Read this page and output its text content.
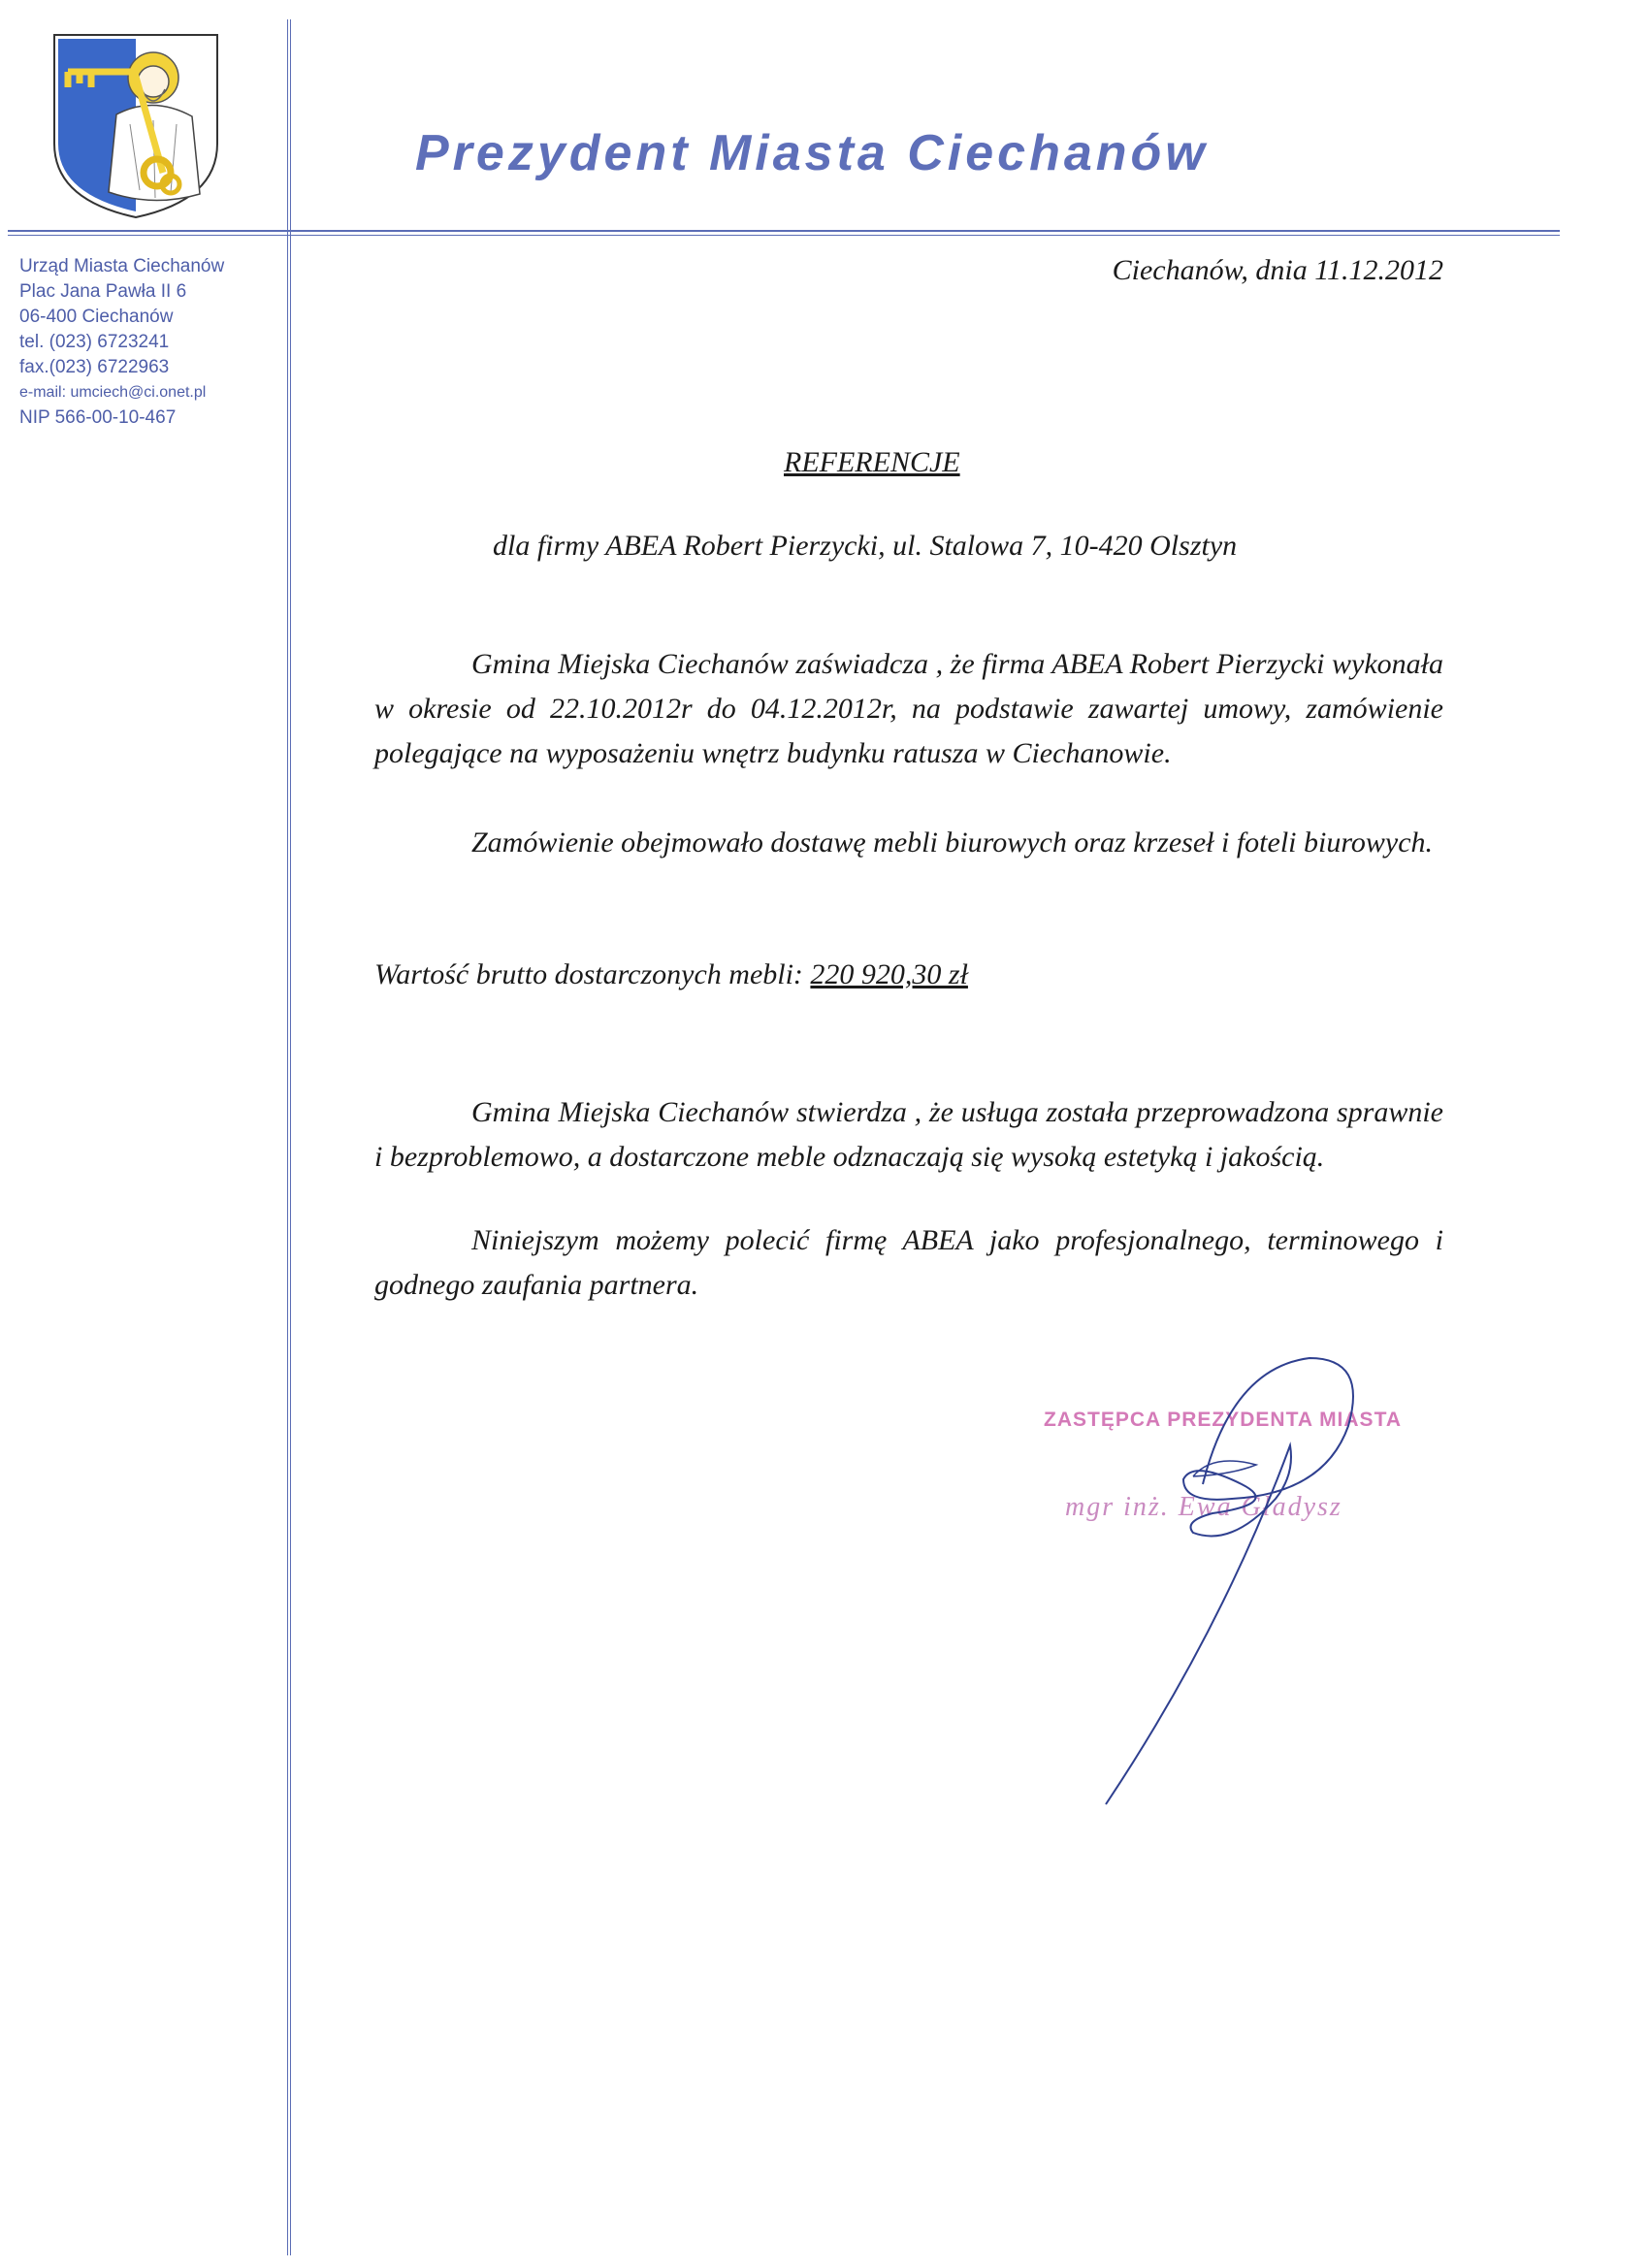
Prezydent Miasta Ciechanów
Urząd Miasta Ciechanów
Plac Jana Pawła II 6
06-400 Ciechanów
tel. (023) 6723241
fax.(023) 6722963
e-mail: umciech@ci.onet.pl
NIP 566-00-10-467

Ciechanów, dnia 11.12.2012

REFERENCJE

dla firmy ABEA Robert Pierzycki, ul. Stalowa 7, 10-420 Olsztyn

Gmina Miejska Ciechanów zaświadcza , że firma ABEA Robert Pierzycki wykonała w okresie od 22.10.2012r do 04.12.2012r, na podstawie zawartej umowy, zamówienie polegające na wyposażeniu wnętrz budynku ratusza w Ciechanowie.

Zamówienie obejmowało dostawę mebli biurowych oraz krzeseł i foteli biurowych.

Wartość brutto dostarczonych mebli: 220 920,30 zł

Gmina Miejska Ciechanów stwierdza , że usługa została przeprowadzona sprawnie i bezproblemowo, a dostarczone meble odznaczają się wysoką estetyką i jakością.

Niniejszym możemy polecić firmę ABEA jako profesjonalnego, terminowego i godnego zaufania partnera.

ZASTĘPCA PREZYDENTA MIASTA

mgr inż. Ewa Gładysz
